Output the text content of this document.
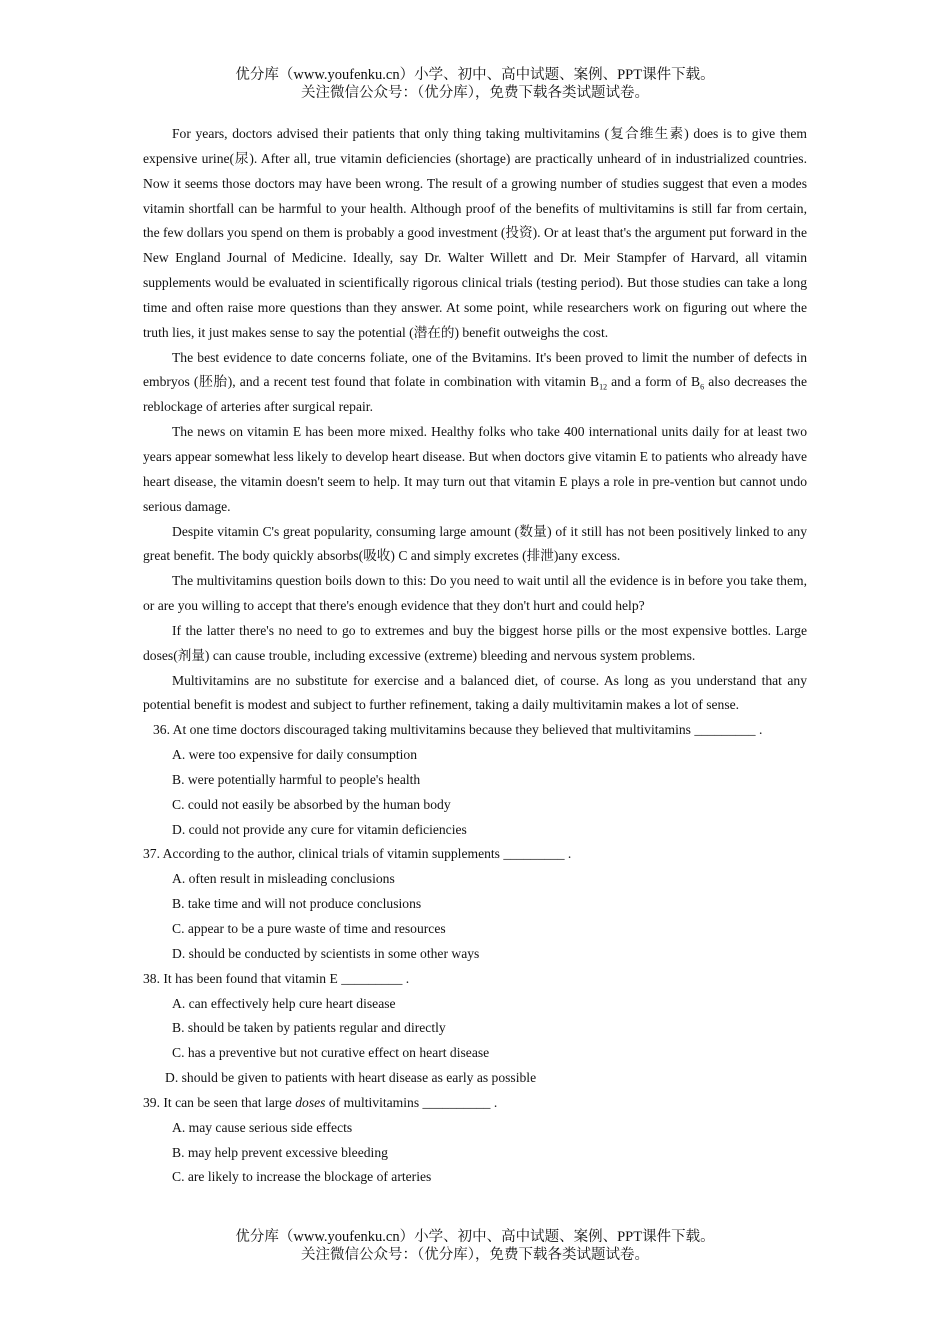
优分库（www.youfenku.cn）小学、初中、高中试题、案例、PPT课件下载。
关注微信公众号：（优分库），免费下载各类试题试卷。

For years, doctors advised their patients that only thing taking multivitamins (复合维生素) does is to give them expensive urine(尿). After all, true vitamin deficiencies (shortage) are practically unheard of in industrialized countries. Now it seems those doctors may have been wrong. The result of a growing number of studies suggest that even a modes vitamin shortfall can be harmful to your health. Although proof of the benefits of multivitamins is still far from certain, the few dollars you spend on them is probably a good investment (投资). Or at least that's the argument put forward in the New England Journal of Medicine. Ideally, say Dr. Walter Willett and Dr. Meir Stampfer of Harvard, all vitamin supplements would be evaluated in scientifically rigorous clinical trials (testing period). But those studies can take a long time and often raise more questions than they answer. At some point, while researchers work on figuring out where the truth lies, it just makes sense to say the potential (潜在的) benefit outweighs the cost.

The best evidence to date concerns foliate, one of the Bvitamins. It's been proved to limit the number of defects in embryos (胚胎), and a recent test found that folate in combination with vitamin $B_{12}$ and a form of $B_6$ also decreases the reblockage of arteries after surgical repair.

The news on vitamin E has been more mixed. Healthy folks who take 400 international units daily for at least two years appear somewhat less likely to develop heart disease. But when doctors give vitamin E to patients who already have heart disease, the vitamin doesn't seem to help. It may turn out that vitamin E plays a role in pre-vention but cannot undo serious damage.

Despite vitamin C's great popularity, consuming large amount (数量) of it still has not been positively linked to any great benefit. The body quickly absorbs(吸收) C and simply excretes (排泄)any excess.

The multivitamins question boils down to this: Do you need to wait until all the evidence is in before you take them, or are you willing to accept that there's enough evidence that they don't hurt and could help?

If the latter there's no need to go to extremes and buy the biggest horse pills or the most expensive bottles. Large doses(剂量) can cause trouble, including excessive (extreme) bleeding and nervous system problems.

Multivitamins are no substitute for exercise and a balanced diet, of course. As long as you understand that any potential benefit is modest and subject to further refinement, taking a daily multivitamin makes a lot of sense.

36. At one time doctors discouraged taking multivitamins because they believed that multivitamins _________ .
A. were too expensive for daily consumption
B. were potentially harmful to people's health
C. could not easily be absorbed by the human body
D. could not provide any cure for vitamin deficiencies
37. According to the author, clinical trials of vitamin supplements _________ .
A. often result in misleading conclusions
B. take time and will not produce conclusions
C. appear to be a pure waste of time and resources
D. should be conducted by scientists in some other ways
38. It has been found that vitamin E _________ .
A. can effectively help cure heart disease
B. should be taken by patients regular and directly
C. has a preventive but not curative effect on heart disease
D. should be given to patients with heart disease as early as possible
39. It can be seen that large doses of multivitamins __________ .
A. may cause serious side effects
B. may help prevent excessive bleeding
C. are likely to increase the blockage of arteries
优分库（www.youfenku.cn）小学、初中、高中试题、案例、PPT课件下载。
关注微信公众号：（优分库），免费下载各类试题试卷。
